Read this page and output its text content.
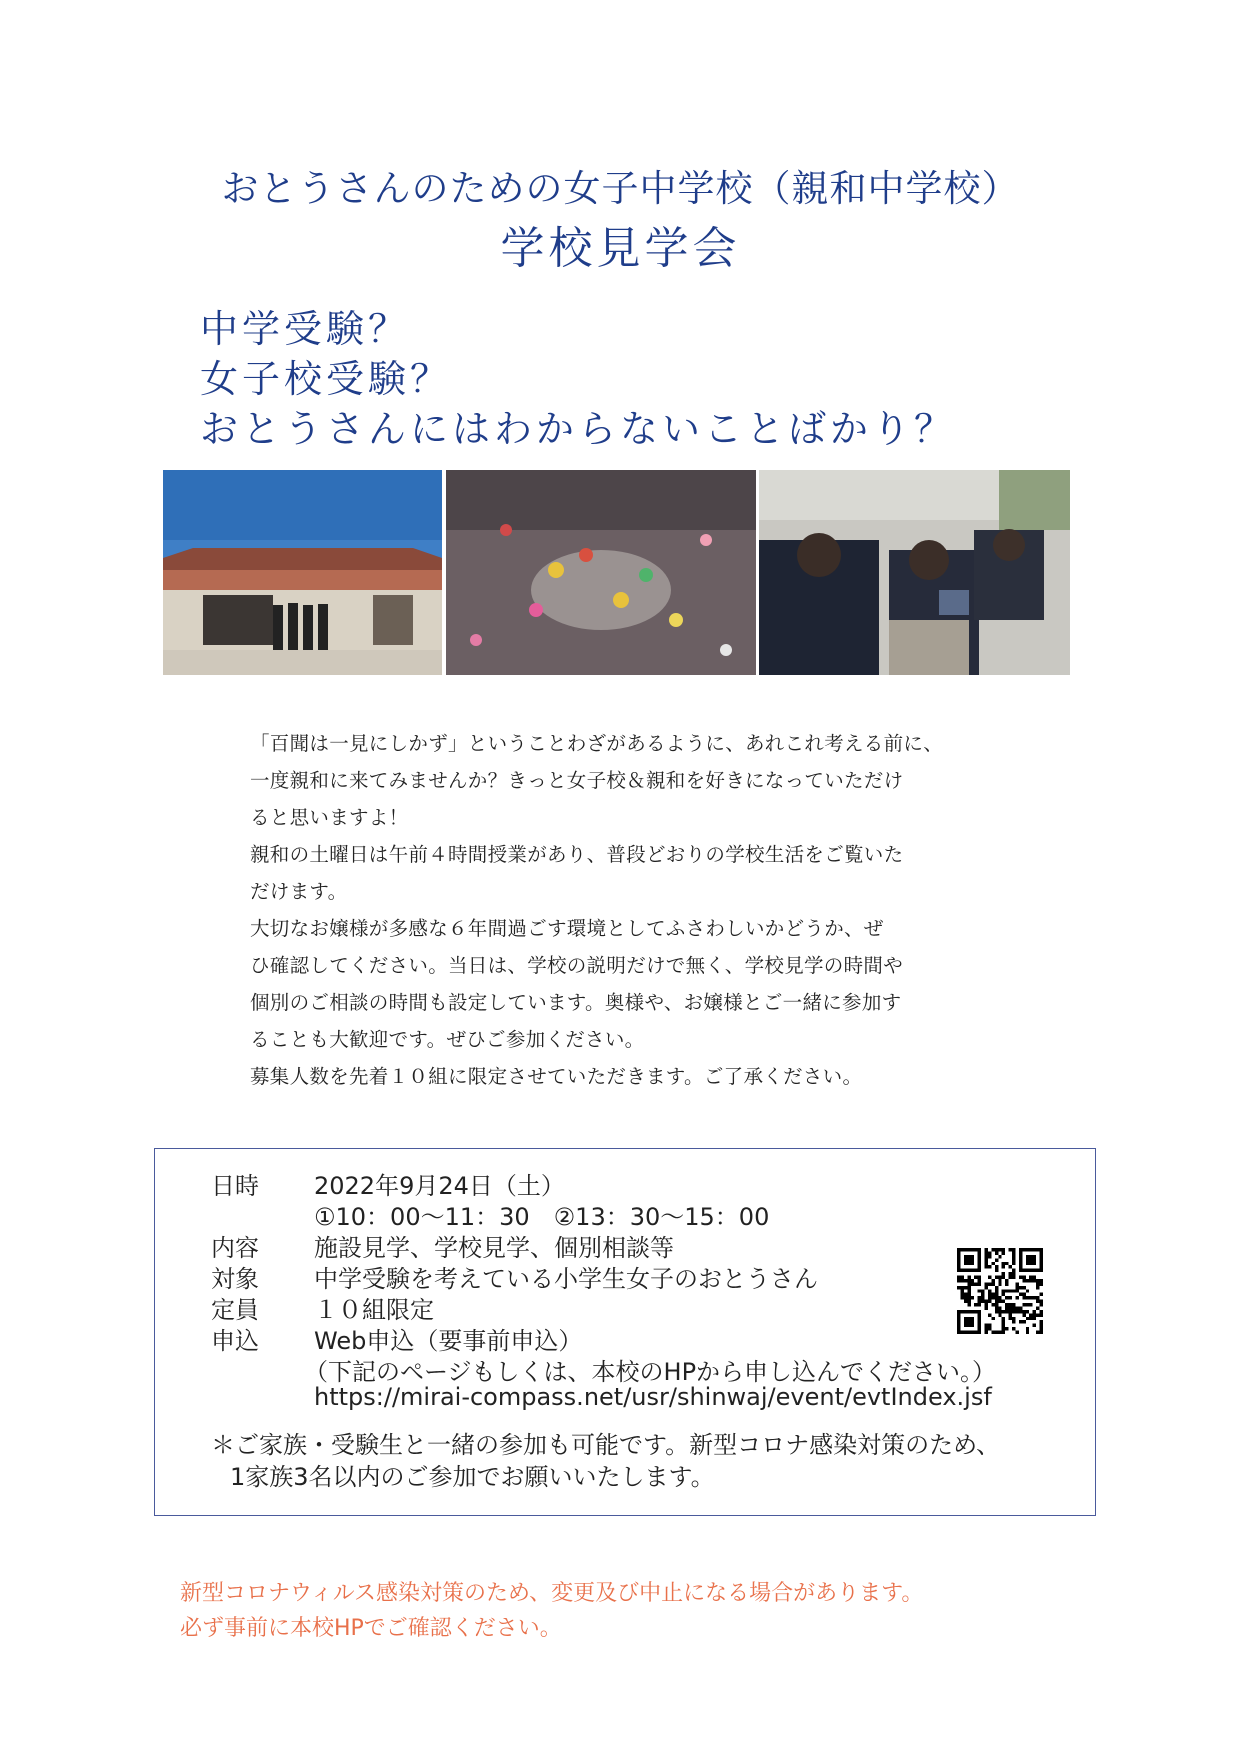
おとうさんのための女子中学校（親和中学校）
学校見学会
中学受験？
女子校受験？
おとうさんにはわからないことばかり？
「百聞は一見にしかず」ということわざがあるように、あれこれ考える前に、
一度親和に来てみませんか？きっと女子校＆親和を好きになっていただけ
ると思いますよ！
親和の土曜日は午前４時間授業があり、普段どおりの学校生活をご覧いた
だけます。
大切なお嬢様が多感な６年間過ごす環境としてふさわしいかどうか、ぜ
ひ確認してください。当日は、学校の説明だけで無く、学校見学の時間や
個別のご相談の時間も設定しています。奥様や、お嬢様とご一緒に参加す
ることも大歓迎です。ぜひご参加ください。
募集人数を先着１０組に限定させていただきます。ご了承ください。
日時 2022年9月24日（土）
①10：00～11：30　②13：30～15：00
内容 施設見学、学校見学、個別相談等
対象 中学受験を考えている小学生女子のおとうさん
定員 １０組限定
申込 Web申込（要事前申込）
（下記のページもしくは、本校のHPから申し込んでください。）
https://mirai-compass.net/usr/shinwaj/event/evtIndex.jsf
＊ご家族・受験生と一緒の参加も可能です。新型コロナ感染対策のため、
1家族3名以内のご参加でお願いいたします。
新型コロナウィルス感染対策のため、変更及び中止になる場合があります。
必ず事前に本校HPでご確認ください。
